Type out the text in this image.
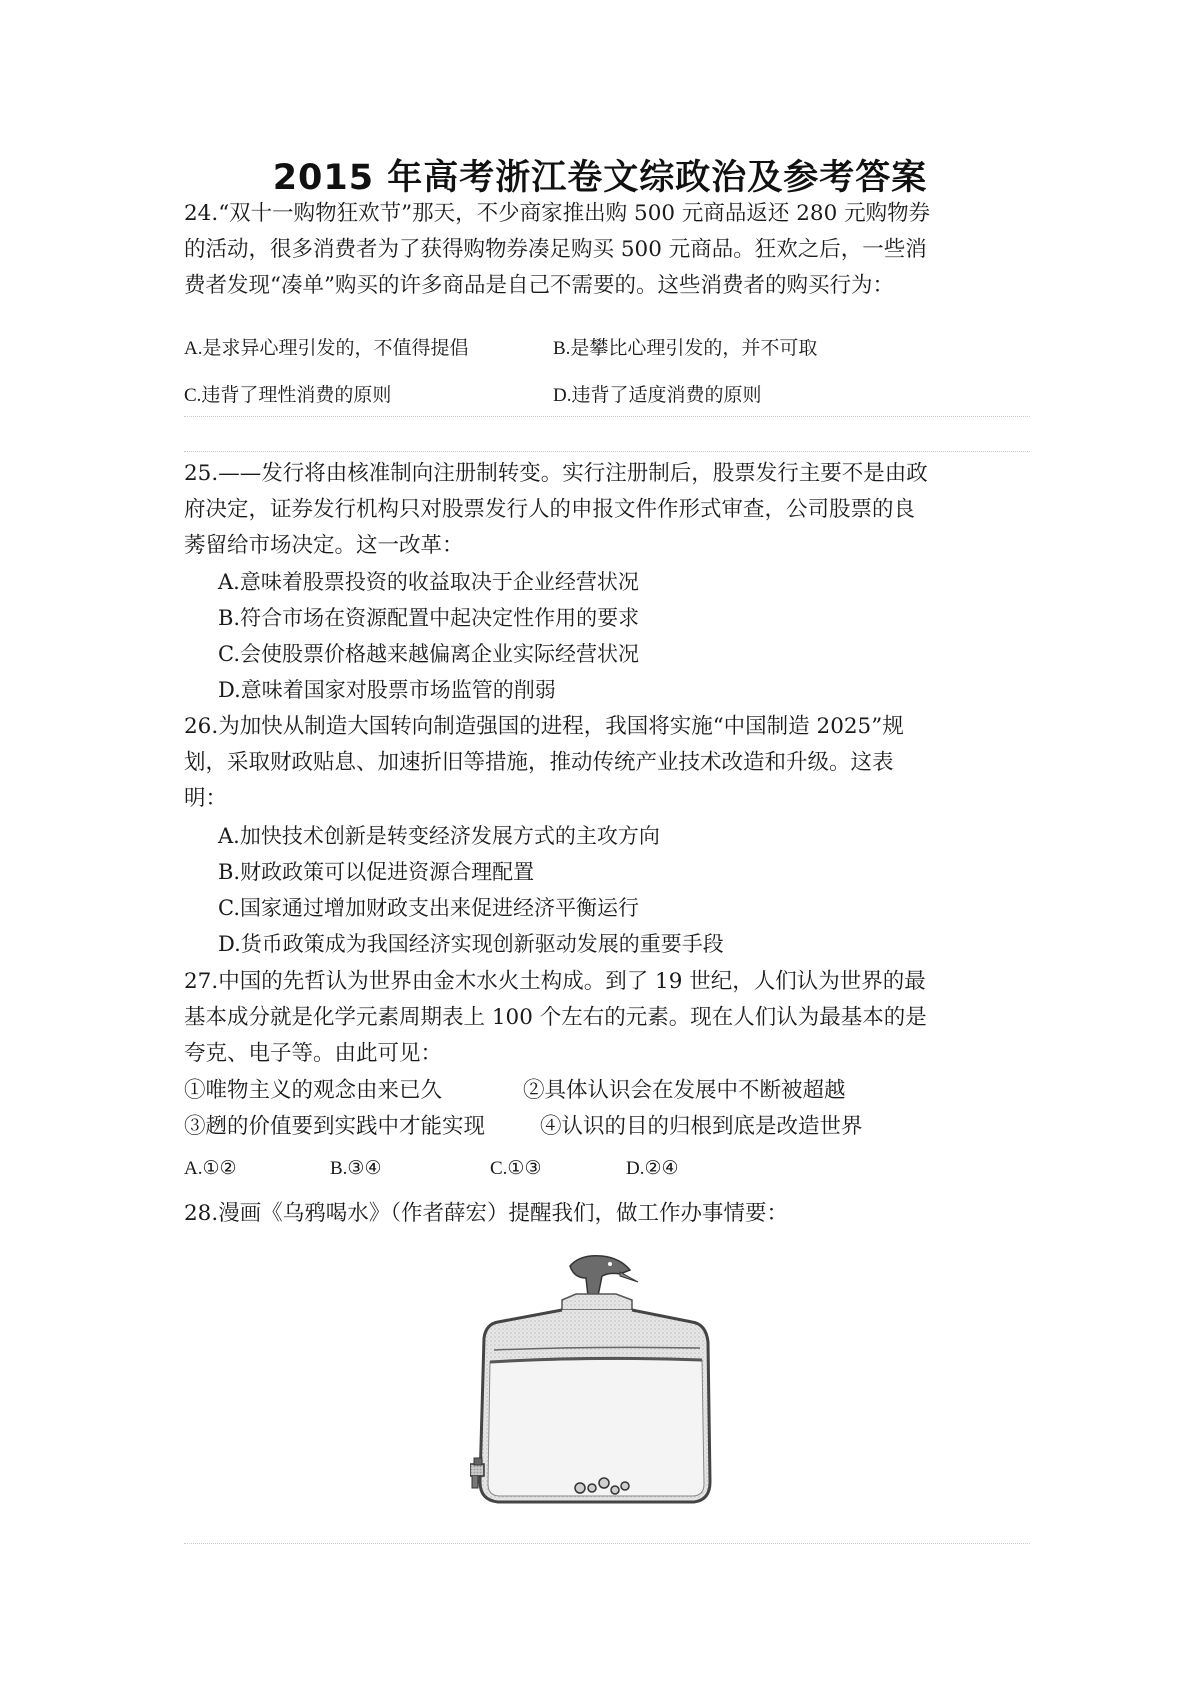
2015 年高考浙江卷文综政治及参考答案
24.“双十一购物狂欢节”那天，不少商家推出购 500 元商品返还 280 元购物券
的活动，很多消费者为了获得购物券凑足购买 500 元商品。狂欢之后，一些消
费者发现“凑单”购买的许多商品是自己不需要的。这些消费者的购买行为：
A.是求异心理引发的，不值得提倡	B.是攀比心理引发的，并不可取
C.违背了理性消费的原则	D.违背了适度消费的原则
25.——发行将由核准制向注册制转变。实行注册制后，股票发行主要不是由政
府决定，证券发行机构只对股票发行人的申报文件作形式审查，公司股票的良
莠留给市场决定。这一改革：
A.意味着股票投资的收益取决于企业经营状况
B.符合市场在资源配置中起决定性作用的要求
C.会使股票价格越来越偏离企业实际经营状况
D.意味着国家对股票市场监管的削弱
26.为加快从制造大国转向制造强国的进程，我国将实施“中国制造 2025”规
划，采取财政贴息、加速折旧等措施，推动传统产业技术改造和升级。这表
明：
A.加快技术创新是转变经济发展方式的主攻方向
B.财政政策可以促进资源合理配置
C.国家通过增加财政支出来促进经济平衡运行
D.货币政策成为我国经济实现创新驱动发展的重要手段
27.中国的先哲认为世界由金木水火土构成。到了 19 世纪，人们认为世界的最
基本成分就是化学元素周期表上 100 个左右的元素。现在人们认为最基本的是
夸克、电子等。由此可见：
①唯物主义的观念由来已久	②具体认识会在发展中不断被超越
③趔的价值要到实践中才能实现	④认识的目的归根到底是改造世界
A.①②	B.③④	C.①③	D.②④
28.漫画《乌鸦喝水》（作者薛宏）提醒我们，做工作办事情要：
